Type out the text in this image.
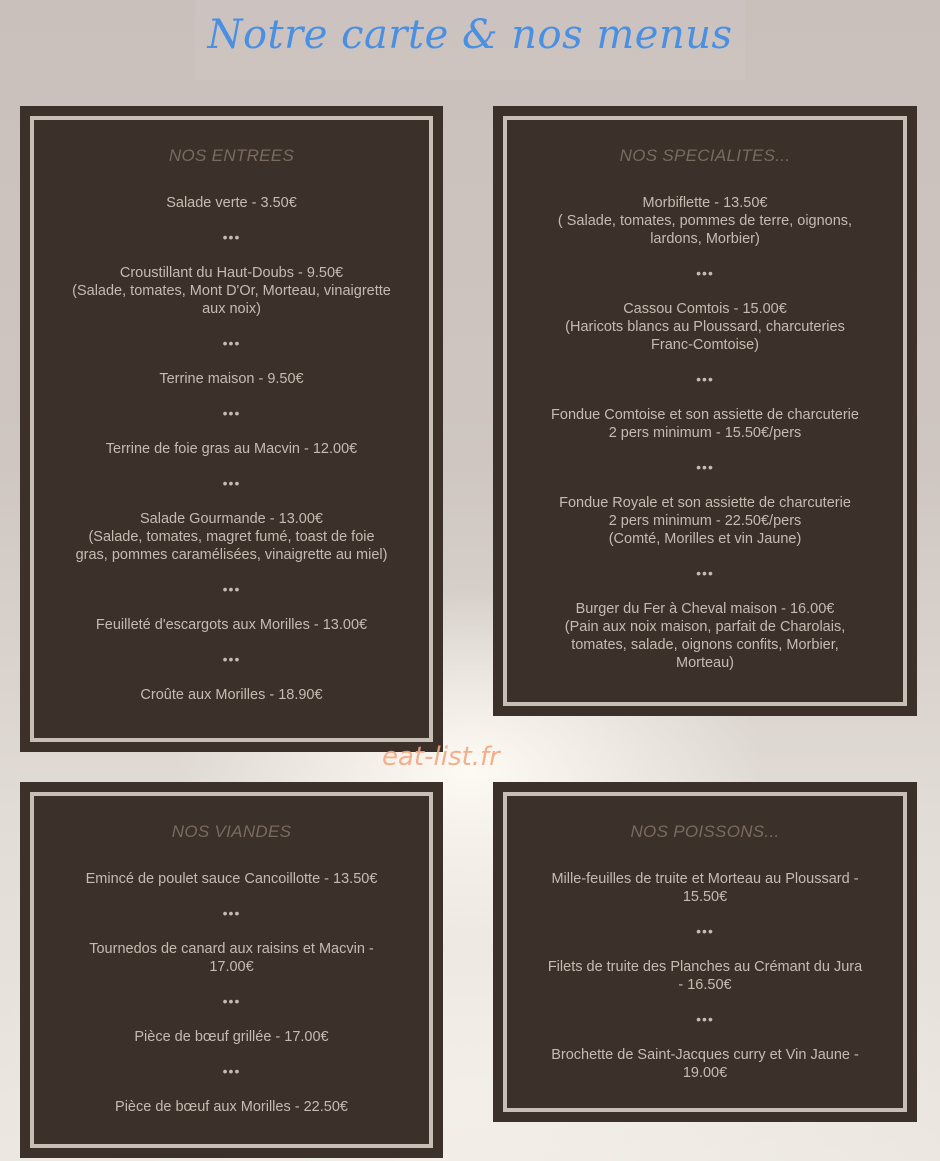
Notre carte & nos menus
NOS ENTREES
Salade verte - 3.50€
•••
Croustillant du Haut-Doubs - 9.50€
(Salade, tomates, Mont D'Or, Morteau, vinaigrette
aux noix)
•••
Terrine maison - 9.50€
•••
Terrine de foie gras au Macvin - 12.00€
•••
Salade Gourmande - 13.00€
(Salade, tomates, magret fumé, toast de foie
gras, pommes caramélisées, vinaigrette au miel)
•••
Feuilleté d'escargots aux Morilles - 13.00€
•••
Croûte aux Morilles - 18.90€
NOS SPECIALITES...
Morbiflette - 13.50€
( Salade, tomates, pommes de terre, oignons,
lardons, Morbier)
•••
Cassou Comtois - 15.00€
(Haricots blancs au Ploussard, charcuteries
Franc-Comtoise)
•••
Fondue Comtoise et son assiette de charcuterie
2 pers minimum - 15.50€/pers
•••
Fondue Royale et son assiette de charcuterie
2 pers minimum - 22.50€/pers
(Comté, Morilles et vin Jaune)
•••
Burger du Fer à Cheval maison - 16.00€
(Pain aux noix maison, parfait de Charolais,
tomates, salade, oignons confits, Morbier,
Morteau)
eat-list.fr
NOS VIANDES
Emincé de poulet sauce Cancoillotte - 13.50€
•••
Tournedos de canard aux raisins et Macvin -
17.00€
•••
Pièce de bœuf grillée - 17.00€
•••
Pièce de bœuf aux Morilles - 22.50€
NOS POISSONS...
Mille-feuilles de truite et Morteau au Ploussard -
15.50€
•••
Filets de truite des Planches au Crémant du Jura
- 16.50€
•••
Brochette de Saint-Jacques curry et Vin Jaune -
19.00€
